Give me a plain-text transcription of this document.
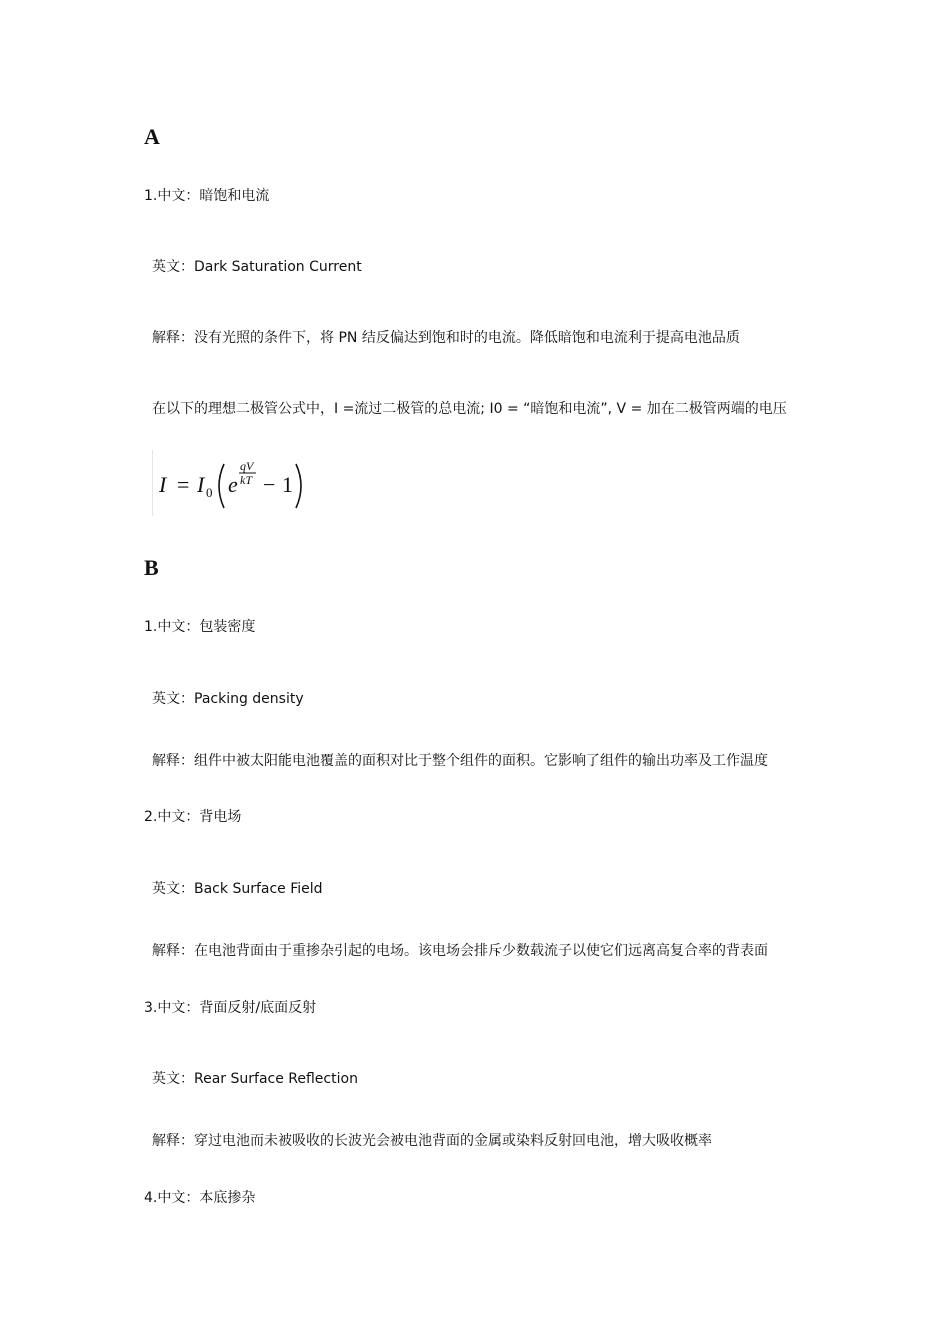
A
1.中文：暗饱和电流
英文：Dark Saturation Current
解释：没有光照的条件下，将 PN 结反偏达到饱和时的电流。降低暗饱和电流利于提高电池品质
在以下的理想二极管公式中，I =流过二极管的总电流; I0 = “暗饱和电流”, V = 加在二极管两端的电压
I = I 0 e
qV
kT − 1
B
1.中文：包装密度
英文：Packing density
解释：组件中被太阳能电池覆盖的面积对比于整个组件的面积。它影响了组件的输出功率及工作温度
2.中文：背电场
英文：Back Surface Field
解释：在电池背面由于重掺杂引起的电场。该电场会排斥少数载流子以使它们远离高复合率的背表面
3.中文：背面反射/底面反射
英文：Rear Surface Reflection
解释：穿过电池而未被吸收的长波光会被电池背面的金属或染料反射回电池，增大吸收概率
4.中文：本底掺杂
